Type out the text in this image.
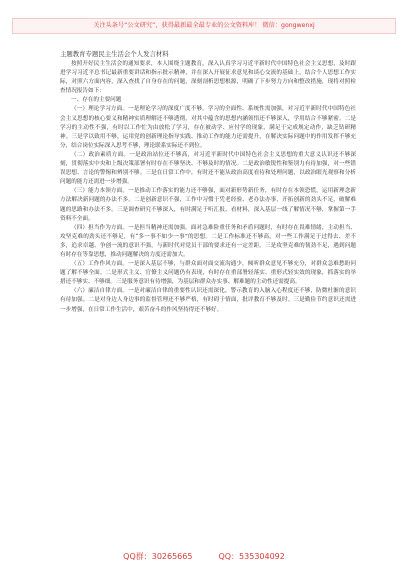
关注头条号“公文研究”，获得最新最全最专业的公文资料库！ 微信：gongwenxj
主题教育专题民主生活会个人发言材料

按照开好民主生活会的通知要求，本人围绕主题教育，深入认真学习习近平新时代中国特色社会主义思想，及时跟进学习习近平总书记最新重要讲话和指示批示精神，并在深入开展征求意见和谈心交流的基础上，结合个人思想工作实际，对照六方面内容，深入查找了自身存在的问题，深刻剖析思想根源，明确了下步努力方向和整改措施，现将对照检查情况报告如下：

一、存在的主要问题

（一）理论学习方面。一是理论学习的深度广度不够。学习的全面性、系统性需加强，对习近平新时代中国特色社会主义思想的核心要义和精神实质理解还不够透彻，对其中蕴含的思想内涵领悟还不够深入，学用结合不够紧密。二是学习的主动性不强，有时以工作忙为由放松了学习，存在被动学、应付学的现象，满足于完成规定动作，缺乏钻研精神。三是学以致用不够，运用党的创新理论指导实践、推动工作的能力还需提升，在解决实际问题中的作用发挥不够充分，结合岗位实际深入思考不够，理论联系实际还不到位。

（二）政治素质方面。一是政治站位还不够高，对习近平新时代中国特色社会主义思想的重大意义认识还不够深刻，贯彻落实中央和上级决策部署有时存在不够坚决、不够及时的情况。二是政治敏锐性和鉴别力有待加强，对一些错误思想、言论的警惕和辨别不够。三是在日常工作中，有时还不能从政治高度看待和处理问题，以政治眼光观察和分析问题的能力还需进一步增强。

（三）能力本领方面。一是推动工作落实的能力还不够强，面对新形势新任务，有时存在本领恐慌，运用新理念新方法解决新问题的办法不多。二是创新意识不强，工作中习惯于凭老经验、老办法办事，开拓创新的劲头不足，破解难题的思路和办法不多。三是调查研究不够深入，有时满足于听汇报、看材料，深入基层一线了解情况不够，掌握第一手资料不全面。

（四）担当作为方面。一是担当精神还需加强，面对急难险重任务和矛盾问题时，有时存在畏难情绪，主动担当、攻坚克难的劲头还不够足，有“多一事不如少一事”的思想。二是工作标准还不够高，对一些工作满足于过得去、差不多，追求卓越、争创一流的意识不强，与新时代对党员干部的要求还有一定差距。三是攻坚克难的韧劲不足，遇到问题有时存在等靠思想，推动问题解决的力度还需加大。

（五）工作作风方面。一是深入基层不够，与群众面对面交流沟通少，倾听群众意见不够充分，对群众急难愁盼问题了解不够全面。二是形式主义、官僚主义问题仍有表现，有时存在重部署轻落实、重形式轻实效的现象，抓落实的举措还不够实、不够细。三是服务意识有待增强，为基层和群众办实事、解难题的主动性还需提高。

（六）廉洁自律方面。一是对廉洁自律的重要性认识还需深化，警示教育的入脑入心程度还不够，防微杜渐的意识有待加强。二是对身边人身边事的监督管理还不够严格，有时碍于情面，批评教育不够及时。三是勤俭节约意识还需进一步增强，在日常工作生活中，艰苦奋斗的作风坚持得还不够好。

QQ群：30265665	QQ：535304092
